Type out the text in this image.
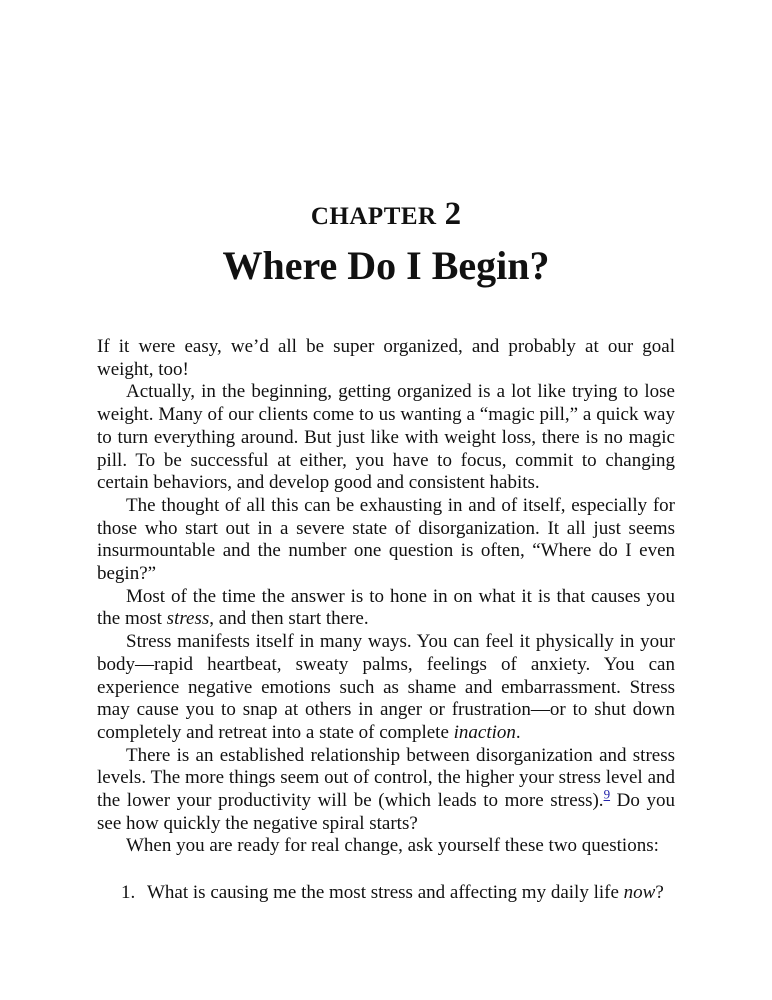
CHAPTER 2
Where Do I Begin?

If it were easy, we’d all be super organized, and probably at our goal weight, too!

Actually, in the beginning, getting organized is a lot like trying to lose weight. Many of our clients come to us wanting a “magic pill,” a quick way to turn everything around. But just like with weight loss, there is no magic pill. To be successful at either, you have to focus, commit to changing certain behaviors, and develop good and consistent habits.

The thought of all this can be exhausting in and of itself, especially for those who start out in a severe state of disorganization. It all just seems insurmountable and the number one question is often, “Where do I even begin?”

Most of the time the answer is to hone in on what it is that causes you the most stress, and then start there.

Stress manifests itself in many ways. You can feel it physically in your body—rapid heartbeat, sweaty palms, feelings of anxiety. You can experience negative emotions such as shame and embarrassment. Stress may cause you to snap at others in anger or frustration—or to shut down completely and retreat into a state of complete inaction.

There is an established relationship between disorganization and stress levels. The more things seem out of control, the higher your stress level and the lower your productivity will be (which leads to more stress).$^9$ Do you see how quickly the negative spiral starts?

When you are ready for real change, ask yourself these two questions:

1. What is causing me the most stress and affecting my daily life now?
